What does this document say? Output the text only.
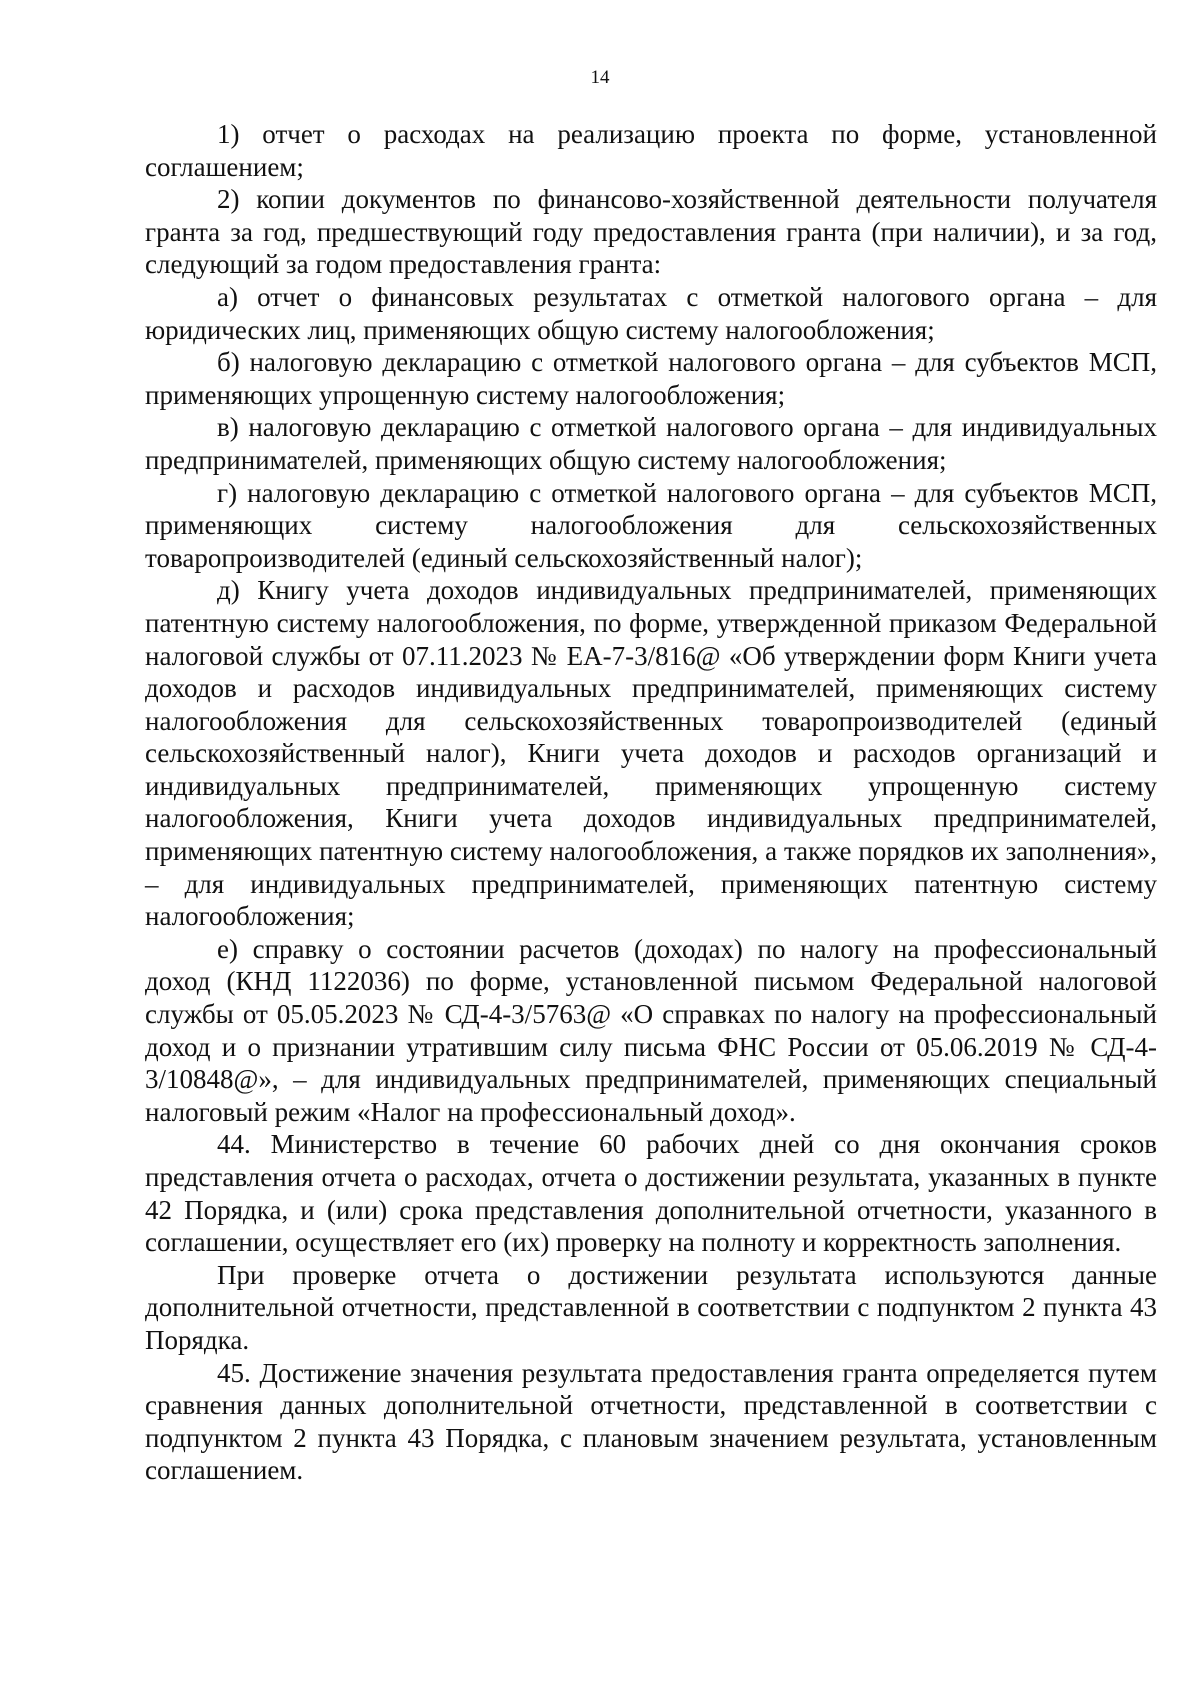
14

1) отчет о расходах на реализацию проекта по форме, установленной соглашением;

2) копии документов по финансово-хозяйственной деятельности получателя гранта за год, предшествующий году предоставления гранта (при наличии), и за год, следующий за годом предоставления гранта:

а) отчет о финансовых результатах с отметкой налогового органа – для юридических лиц, применяющих общую систему налогообложения;

б) налоговую декларацию с отметкой налогового органа – для субъектов МСП, применяющих упрощенную систему налогообложения;

в) налоговую декларацию с отметкой налогового органа – для индивидуальных предпринимателей, применяющих общую систему налогообложения;

г) налоговую декларацию с отметкой налогового органа – для субъектов МСП, применяющих систему налогообложения для сельскохозяйственных товаропроизводителей (единый сельскохозяйственный налог);

д) Книгу учета доходов индивидуальных предпринимателей, применяющих патентную систему налогообложения, по форме, утвержденной приказом Федеральной налоговой службы от 07.11.2023 № ЕА-7-3/816@ «Об утверждении форм Книги учета доходов и расходов индивидуальных предпринимателей, применяющих систему налогообложения для сельскохозяйственных товаропроизводителей (единый сельскохозяйственный налог), Книги учета доходов и расходов организаций и индивидуальных предпринимателей, применяющих упрощенную систему налогообложения, Книги учета доходов индивидуальных предпринимателей, применяющих патентную систему налогообложения, а также порядков их заполнения», – для индивидуальных предпринимателей, применяющих патентную систему налогообложения;

е) справку о состоянии расчетов (доходах) по налогу на профессиональный доход (КНД 1122036) по форме, установленной письмом Федеральной налоговой службы от 05.05.2023 № СД-4-3/5763@ «О справках по налогу на профессиональный доход и о признании утратившим силу письма ФНС России от 05.06.2019 № СД-4-3/10848@», – для индивидуальных предпринимателей, применяющих специальный налоговый режим «Налог на профессиональный доход».

44. Министерство в течение 60 рабочих дней со дня окончания сроков представления отчета о расходах, отчета о достижении результата, указанных в пункте 42 Порядка, и (или) срока представления дополнительной отчетности, указанного в соглашении, осуществляет его (их) проверку на полноту и корректность заполнения.

При проверке отчета о достижении результата используются данные дополнительной отчетности, представленной в соответствии с подпунктом 2 пункта 43 Порядка.

45. Достижение значения результата предоставления гранта определяется путем сравнения данных дополнительной отчетности, представленной в соответствии с подпунктом 2 пункта 43 Порядка, с плановым значением результата, установленным соглашением.
